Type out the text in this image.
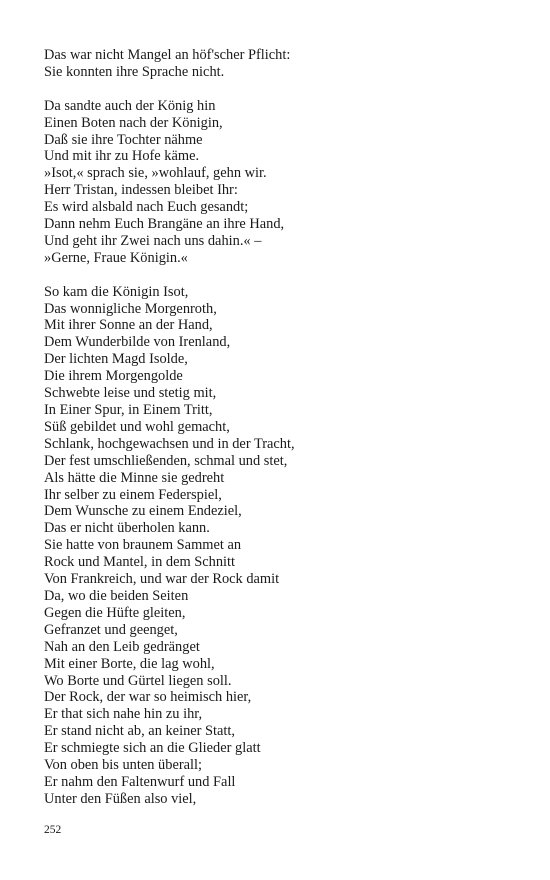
Das war nicht Mangel an höf'scher Pflicht:
Sie konnten ihre Sprache nicht.
Da sandte auch der König hin
Einen Boten nach der Königin,
Daß sie ihre Tochter nähme
Und mit ihr zu Hofe käme.
»Isot,« sprach sie, »wohlauf, gehn wir.
Herr Tristan, indessen bleibet Ihr:
Es wird alsbald nach Euch gesandt;
Dann nehm Euch Brangäne an ihre Hand,
Und geht ihr Zwei nach uns dahin.« –
»Gerne, Fraue Königin.«
So kam die Königin Isot,
Das wonnigliche Morgenroth,
Mit ihrer Sonne an der Hand,
Dem Wunderbilde von Irenland,
Der lichten Magd Isolde,
Die ihrem Morgengolde
Schwebte leise und stetig mit,
In Einer Spur, in Einem Tritt,
Süß gebildet und wohl gemacht,
Schlank, hochgewachsen und in der Tracht,
Der fest umschließenden, schmal und stet,
Als hätte die Minne sie gedreht
Ihr selber zu einem Federspiel,
Dem Wunsche zu einem Endeziel,
Das er nicht überholen kann.
Sie hatte von braunem Sammet an
Rock und Mantel, in dem Schnitt
Von Frankreich, und war der Rock damit
Da, wo die beiden Seiten
Gegen die Hüfte gleiten,
Gefranzet und geenget,
Nah an den Leib gedränget
Mit einer Borte, die lag wohl,
Wo Borte und Gürtel liegen soll.
Der Rock, der war so heimisch hier,
Er that sich nahe hin zu ihr,
Er stand nicht ab, an keiner Statt,
Er schmiegte sich an die Glieder glatt
Von oben bis unten überall;
Er nahm den Faltenwurf und Fall
Unter den Füßen also viel,
252
